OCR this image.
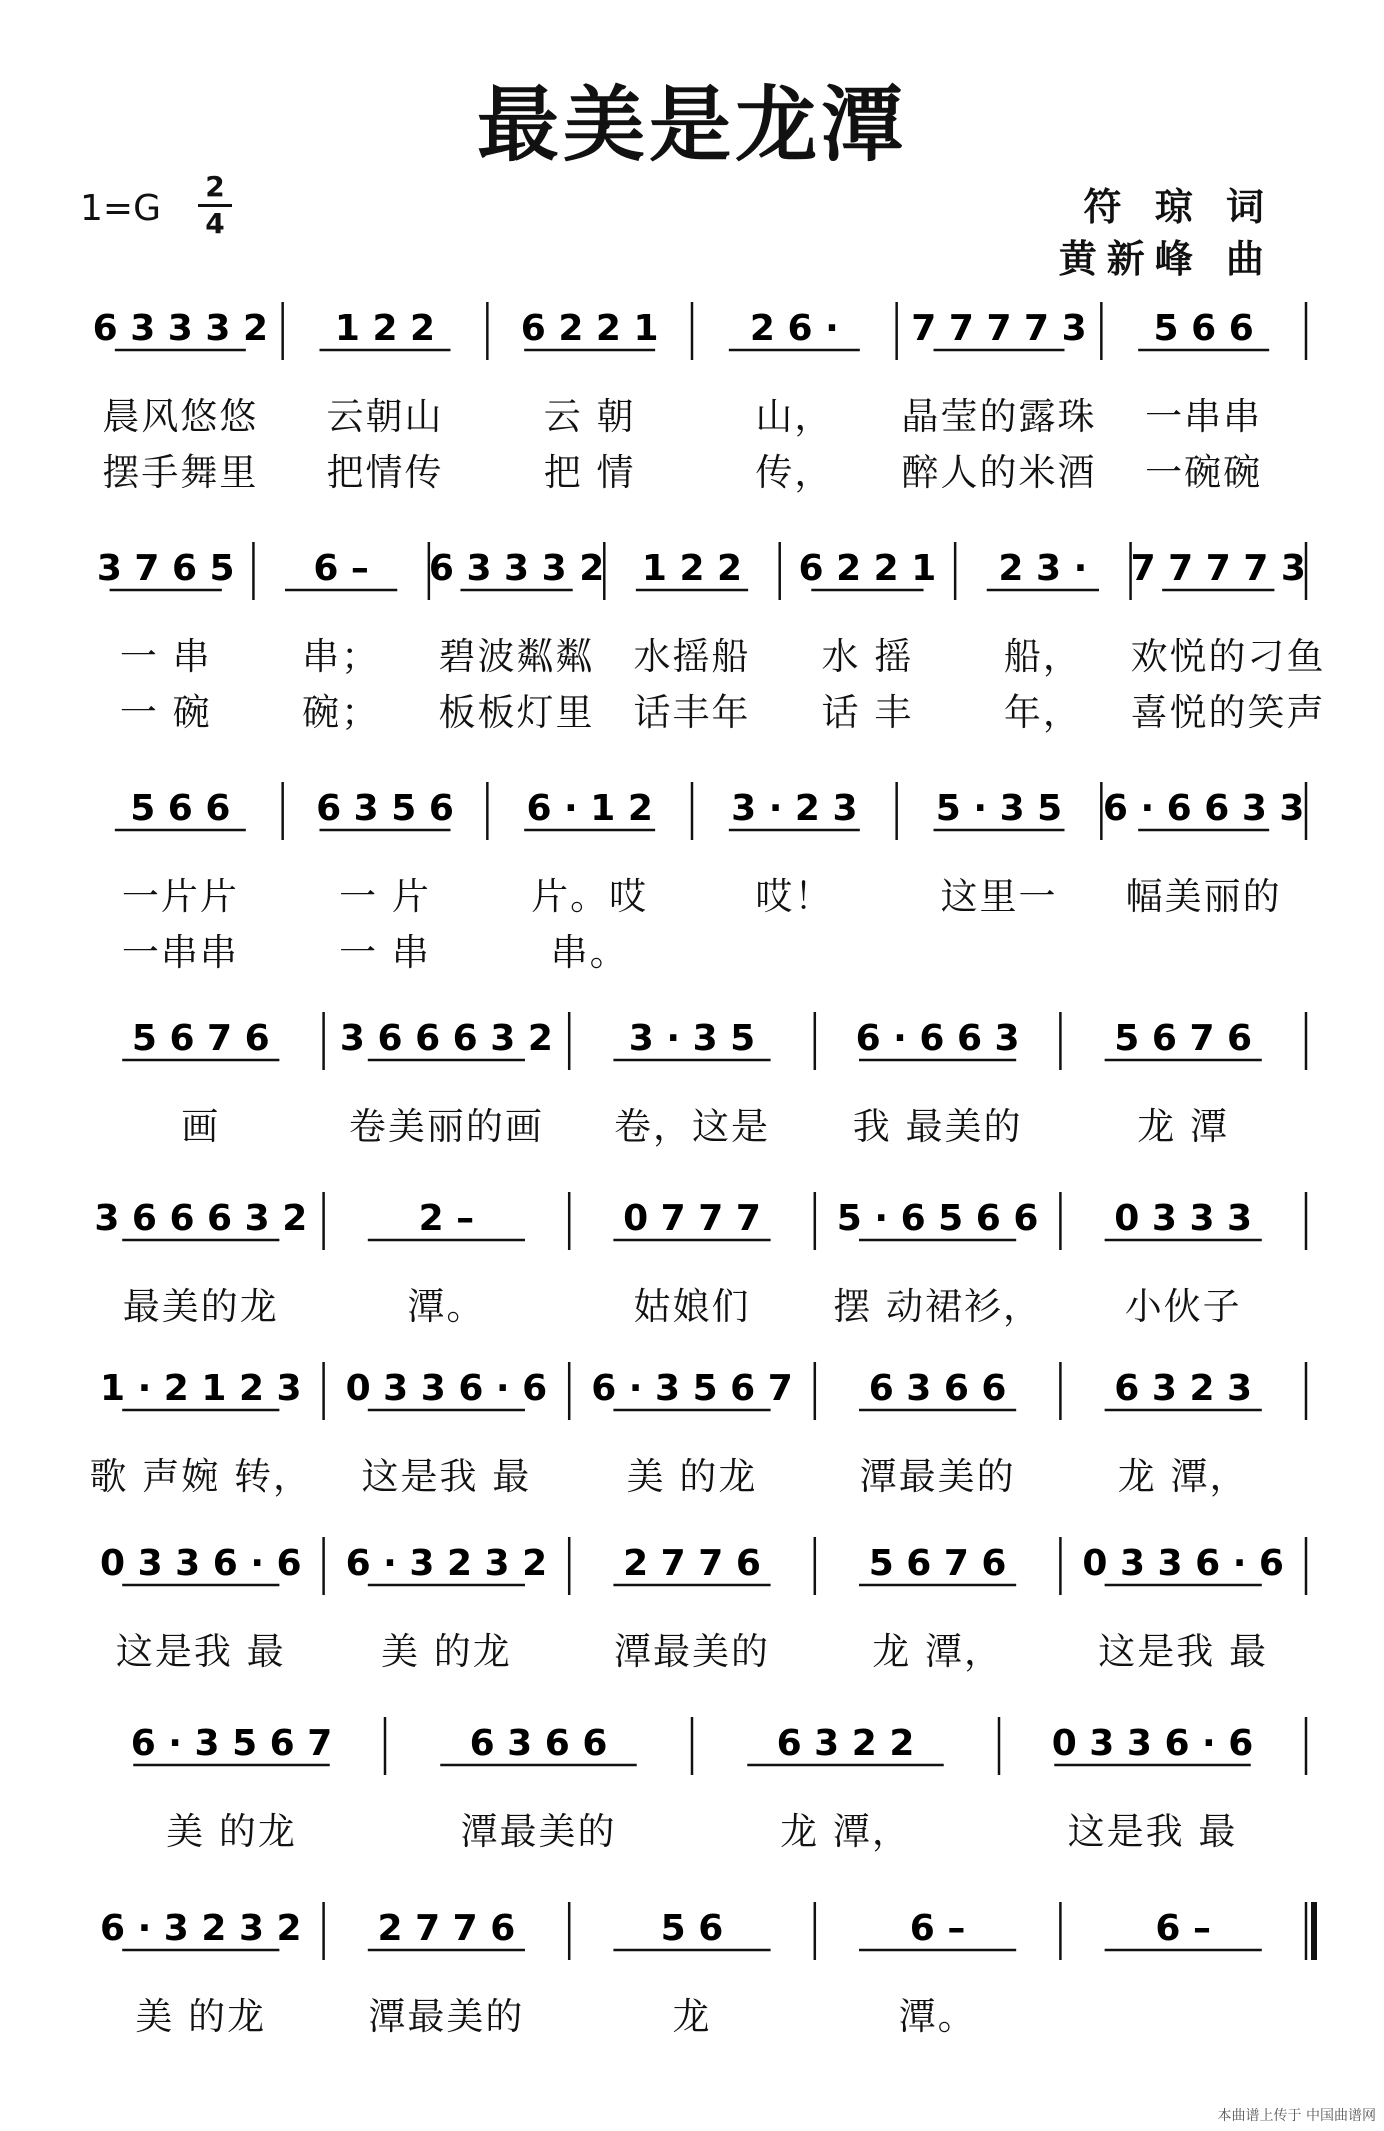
最美是龙潭
1=G
2
4	符 琼 词
黄新峰 曲
6 3 3 3 2 1 2 2 6 2 2 1	2 6 · 7 7 7 7 3 5 6 6
晨风悠悠	云朝山	云 朝	山，	晶莹的露珠	一串串
摆手舞里	把情传	把 情	传，	醉人的米酒	一碗碗
3 7 6 5 6 – 6 3 3 3 2 1 2 2 6 2 2 1 2 3 · 7 7 7 7 3
一 串	串；	碧波粼粼	水摇船	水 摇	船，	欢悦的刁鱼
一 碗	碗；	板板灯里	话丰年	话 丰	年，	喜悦的笑声
5 6 6 6 3 5 6 6 · 1 2 3 · 2 3 5 · 3 5 6 · 6 6 3 3
一片片	一 片	片。哎	哎！	这里一	幅美丽的
一串串	一 串	串。
5 6 7 6 3 6 6 6 3 2 3 · 3 5	6 · 6 6 3	5 6 7 6
画	卷美丽的画	卷，这是	我 最美的	龙 潭
3 6 6 6 3 2	2 –	0 7 7 7 5 · 6 5 6 6 0 3 3 3
最美的龙	潭。	姑娘们	摆 动裙衫，	小伙子
1 · 2 1 2 3 0 3 3 6 · 6 6 · 3 5 6 7 6 3 6 6	6 3 2 3
歌 声婉 转，	这是我 最	美 的龙	潭最美的	龙 潭，
0 3 3 6 · 6 6 · 3 2 3 2 2 7 7 6	5 6 7 6 0 3 3 6 · 6
这是我 最	美 的龙	潭最美的	龙 潭，	这是我 最
6 · 3 5 6 7	6 3 6 6	6 3 2 2	0 3 3 6 · 6
美 的龙	潭最美的	龙 潭，	这是我 最
6 · 3 2 3 2 2 7 7 6	5 6	6 –	6 –
美 的龙	潭最美的	龙	潭。
本曲谱上传于 中国曲谱网
